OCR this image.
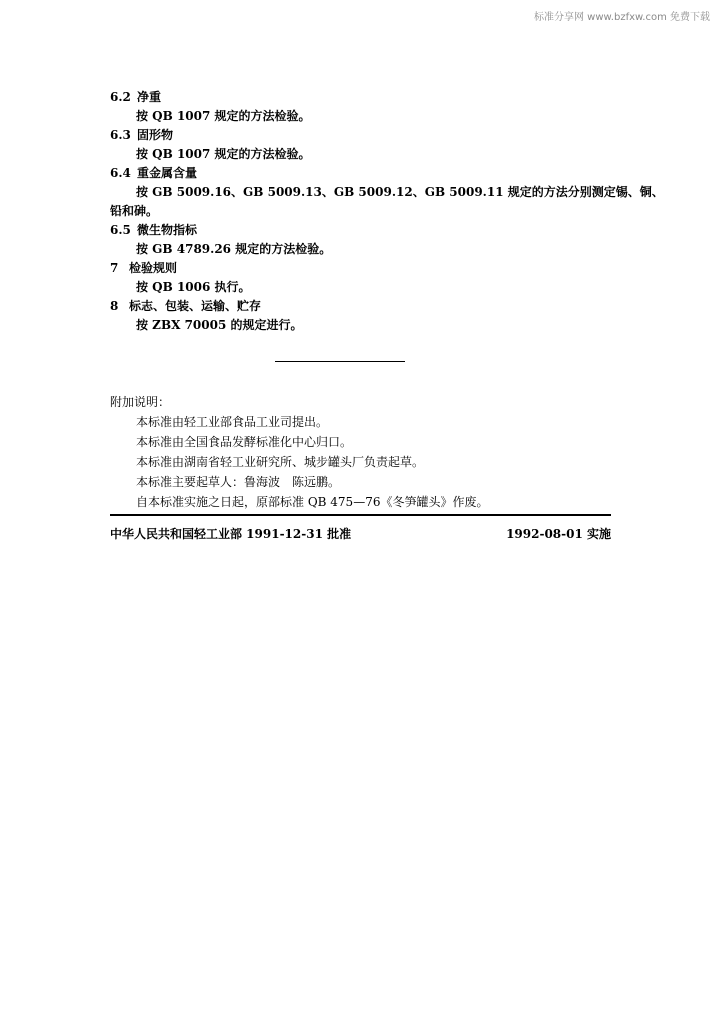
标准分享网 www.bzfxw.com 免费下载
6.2 净重
按 QB 1007 规定的方法检验。
6.3 固形物
按 QB 1007 规定的方法检验。
6.4 重金属含量
按 GB 5009.16、GB 5009.13、GB 5009.12、GB 5009.11 规定的方法分别测定锡、铜、
铅和砷。
6.5 微生物指标
按 GB 4789.26 规定的方法检验。
7 检验规则
按 QB 1006 执行。
8 标志、包装、运输、贮存
按 ZBX 70005 的规定进行。
附加说明：
本标准由轻工业部食品工业司提出。
本标准由全国食品发酵标准化中心归口。
本标准由湖南省轻工业研究所、城步罐头厂负责起草。
本标准主要起草人：鲁海波　陈远鹏。
自本标准实施之日起，原部标准 QB 475—76《冬笋罐头》作废。
中华人民共和国轻工业部 1991-12-31 批准	1992-08-01 实施
